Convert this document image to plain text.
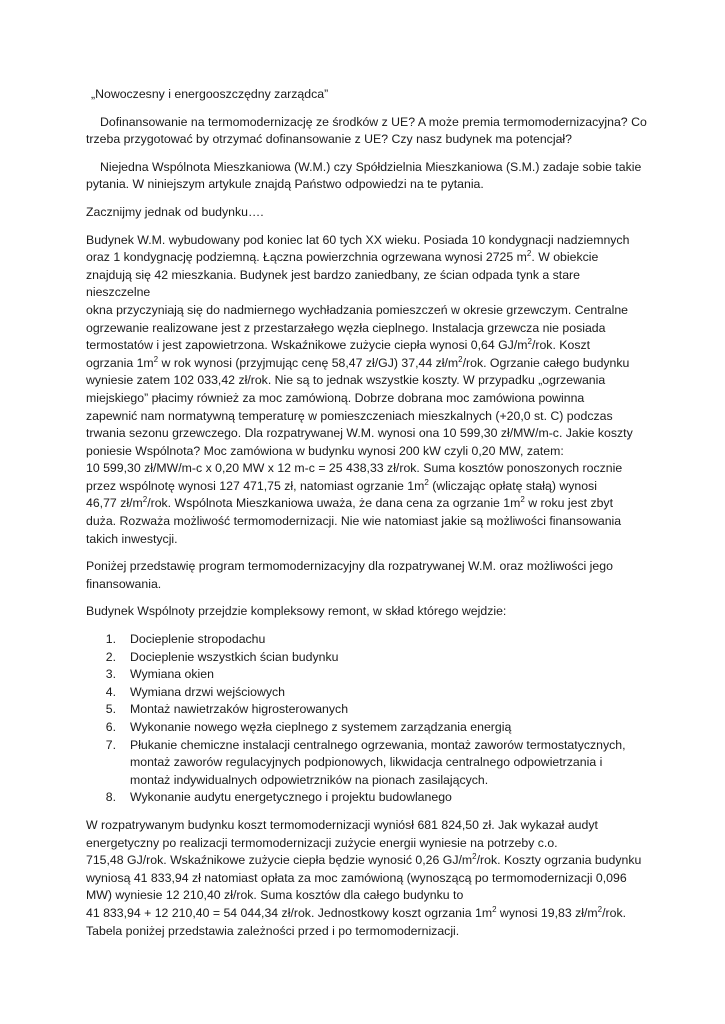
„Nowoczesny i energooszczędny zarządca”

Dofinansowanie na termomodernizację ze środków z UE? A może premia termomodernizacyjna? Co trzeba przygotować by otrzymać dofinansowanie z UE? Czy nasz budynek ma potencjał?

Niejedna Wspólnota Mieszkaniowa (W.M.) czy Spółdzielnia Mieszkaniowa (S.M.) zadaje sobie takie pytania. W niniejszym artykule znajdą Państwo odpowiedzi na te pytania.

Zacznijmy jednak od budynku….

Budynek W.M. wybudowany pod koniec lat 60 tych XX wieku. Posiada 10 kondygnacji nadziemnych
oraz 1 kondygnację podziemną. Łączna powierzchnia ogrzewana wynosi 2725 $m^2$. W obiekcie
znajdują się 42 mieszkania. Budynek jest bardzo zaniedbany, ze ścian odpada tynk a stare nieszczelne
okna przyczyniają się do nadmiernego wychładzania pomieszczeń w okresie grzewczym. Centralne
ogrzewanie realizowane jest z przestarzałego węzła cieplnego. Instalacja grzewcza nie posiada
termostatów i jest zapowietrzona. Wskaźnikowe zużycie ciepła wynosi 0,64 $GJ/m^2$/rok. Koszt
ogrzania $1m^2$ w rok wynosi (przyjmując cenę 58,47 zł/GJ) 37,44 $zł/m^2$/rok. Ogrzanie całego budynku
wyniesie zatem 102 033,42 zł/rok. Nie są to jednak wszystkie koszty. W przypadku „ogrzewania
miejskiego” płacimy również za moc zamówioną. Dobrze dobrana moc zamówiona powinna
zapewnić nam normatywną temperaturę w pomieszczeniach mieszkalnych (+20,0 st. C) podczas
trwania sezonu grzewczego. Dla rozpatrywanej W.M. wynosi ona 10 599,30 zł/MW/m-c. Jakie koszty
poniesie Wspólnota? Moc zamówiona w budynku wynosi 200 kW czyli 0,20 MW, zatem:
10 599,30 zł/MW/m-c x 0,20 MW x 12 m-c = 25 438,33 zł/rok. Suma kosztów ponoszonych rocznie
przez wspólnotę wynosi 127 471,75 zł, natomiast ogrzanie $1m^2$ (wliczając opłatę stałą) wynosi
46,77 $zł/m^2$/rok. Wspólnota Mieszkaniowa uważa, że dana cena za ogrzanie $1m^2$ w roku jest zbyt
duża. Rozważa możliwość termomodernizacji. Nie wie natomiast jakie są możliwości finansowania
takich inwestycji.

Poniżej przedstawię program termomodernizacyjny dla rozpatrywanej W.M. oraz możliwości jego
finansowania.

Budynek Wspólnoty przejdzie kompleksowy remont, w skład którego wejdzie:

1.	Docieplenie stropodachu
2.	Docieplenie wszystkich ścian budynku
3.	Wymiana okien
4.	Wymiana drzwi wejściowych
5.	Montaż nawietrzaków higrosterowanych
6.	Wykonanie nowego węzła cieplnego z systemem zarządzania energią
7.	Płukanie chemiczne instalacji centralnego ogrzewania, montaż zaworów termostatycznych,
montaż zaworów regulacyjnych podpionowych, likwidacja centralnego odpowietrzania i
montaż indywidualnych odpowietrzników na pionach zasilających.
8.	Wykonanie audytu energetycznego i projektu budowlanego

W rozpatrywanym budynku koszt termomodernizacji wyniósł 681 824,50 zł. Jak wykazał audyt
energetyczny po realizacji termomodernizacji zużycie energii wyniesie na potrzeby c.o.
715,48 GJ/rok. Wskaźnikowe zużycie ciepła będzie wynosić 0,26 $GJ/m^2$/rok. Koszty ogrzania budynku
wyniosą 41 833,94 zł natomiast opłata za moc zamówioną (wynoszącą po termomodernizacji 0,096
MW) wyniesie 12 210,40 zł/rok. Suma kosztów dla całego budynku to
41 833,94 + 12 210,40 = 54 044,34 zł/rok. Jednostkowy koszt ogrzania $1m^2$ wynosi 19,83 $zł/m^2$/rok.
Tabela poniżej przedstawia zależności przed i po termomodernizacji.
